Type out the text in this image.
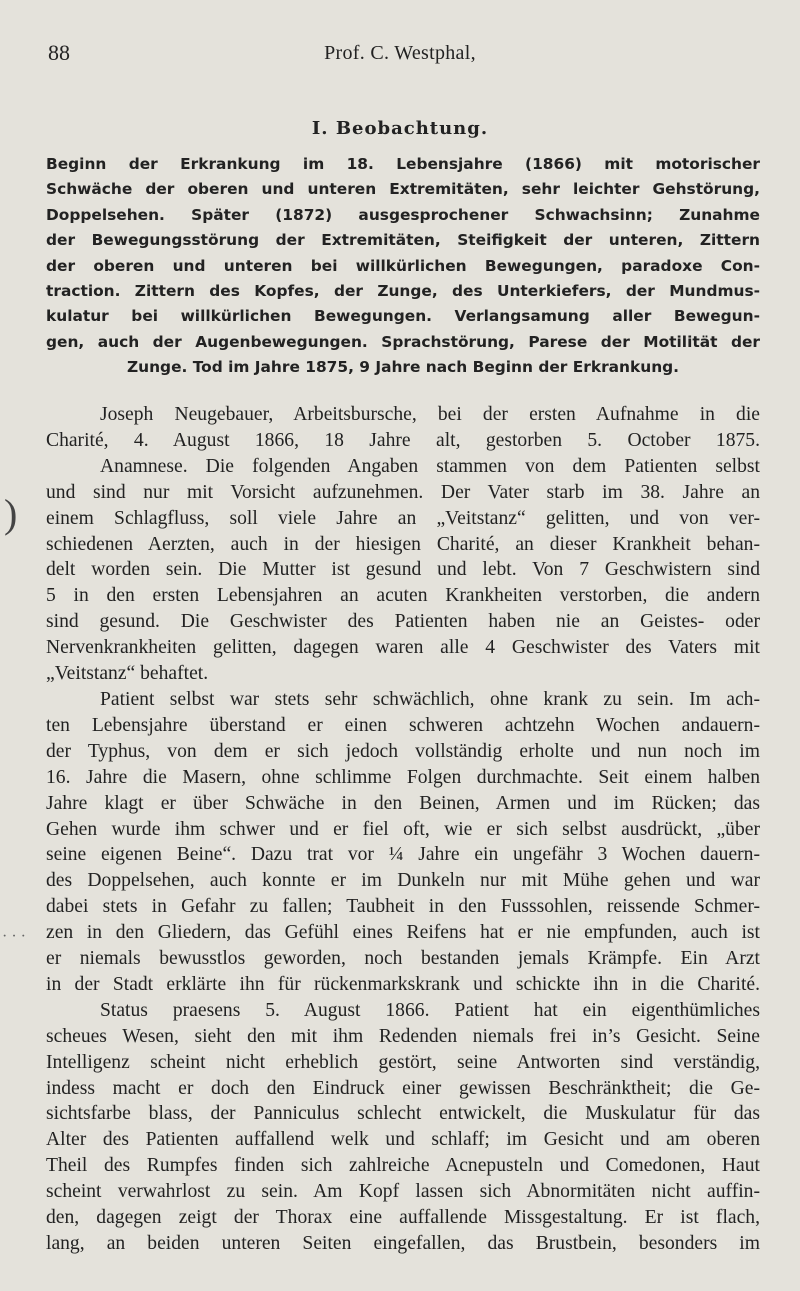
88	Prof. C. Westphal,
I. Beobachtung.
Beginn der Erkrankung im 18. Lebensjahre (1866) mit motorischer
Schwäche der oberen und unteren Extremitäten, sehr leichter Gehstörung,
Doppelsehen. Später (1872) ausgesprochener Schwachsinn; Zunahme
der Bewegungsstörung der Extremitäten, Steifigkeit der unteren, Zittern
der oberen und unteren bei willkürlichen Bewegungen, paradoxe Con-
traction. Zittern des Kopfes, der Zunge, des Unterkiefers, der Mundmus-
kulatur bei willkürlichen Bewegungen. Verlangsamung aller Bewegun-
gen, auch der Augenbewegungen. Sprachstörung, Parese der Motilität der
Zunge. Tod im Jahre 1875, 9 Jahre nach Beginn der Erkrankung.
Joseph Neugebauer, Arbeitsbursche, bei der ersten Aufnahme in die
Charité, 4. August 1866, 18 Jahre alt, gestorben 5. October 1875.
Anamnese. Die folgenden Angaben stammen von dem Patienten selbst
und sind nur mit Vorsicht aufzunehmen. Der Vater starb im 38. Jahre an
einem Schlagfluss, soll viele Jahre an „Veitstanz“ gelitten, und von ver-
schiedenen Aerzten, auch in der hiesigen Charité, an dieser Krankheit behan-
delt worden sein. Die Mutter ist gesund und lebt. Von 7 Geschwistern sind
5 in den ersten Lebensjahren an acuten Krankheiten verstorben, die andern
sind gesund. Die Geschwister des Patienten haben nie an Geistes- oder
Nervenkrankheiten gelitten, dagegen waren alle 4 Geschwister des Vaters mit
„Veitstanz“ behaftet.
Patient selbst war stets sehr schwächlich, ohne krank zu sein. Im ach-
ten Lebensjahre überstand er einen schweren achtzehn Wochen andauern-
der Typhus, von dem er sich jedoch vollständig erholte und nun noch im
16. Jahre die Masern, ohne schlimme Folgen durchmachte. Seit einem halben
Jahre klagt er über Schwäche in den Beinen, Armen und im Rücken; das
Gehen wurde ihm schwer und er fiel oft, wie er sich selbst ausdrückt, „über
seine eigenen Beine“. Dazu trat vor ¼ Jahre ein ungefähr 3 Wochen dauern-
des Doppelsehen, auch konnte er im Dunkeln nur mit Mühe gehen und war
dabei stets in Gefahr zu fallen; Taubheit in den Fusssohlen, reissende Schmer-
zen in den Gliedern, das Gefühl eines Reifens hat er nie empfunden, auch ist
er niemals bewusstlos geworden, noch bestanden jemals Krämpfe. Ein Arzt
in der Stadt erklärte ihn für rückenmarkskrank und schickte ihn in die Charité.
Status praesens 5. August 1866. Patient hat ein eigenthümliches
scheues Wesen, sieht den mit ihm Redenden niemals frei in’s Gesicht. Seine
Intelligenz scheint nicht erheblich gestört, seine Antworten sind verständig,
indess macht er doch den Eindruck einer gewissen Beschränktheit; die Ge-
sichtsfarbe blass, der Panniculus schlecht entwickelt, die Muskulatur für das
Alter des Patienten auffallend welk und schlaff; im Gesicht und am oberen
Theil des Rumpfes finden sich zahlreiche Acnepusteln und Comedonen, Haut
scheint verwahrlost zu sein. Am Kopf lassen sich Abnormitäten nicht auffin-
den, dagegen zeigt der Thorax eine auffallende Missgestaltung. Er ist flach,
lang, an beiden unteren Seiten eingefallen, das Brustbein, besonders im
)
· · ·
